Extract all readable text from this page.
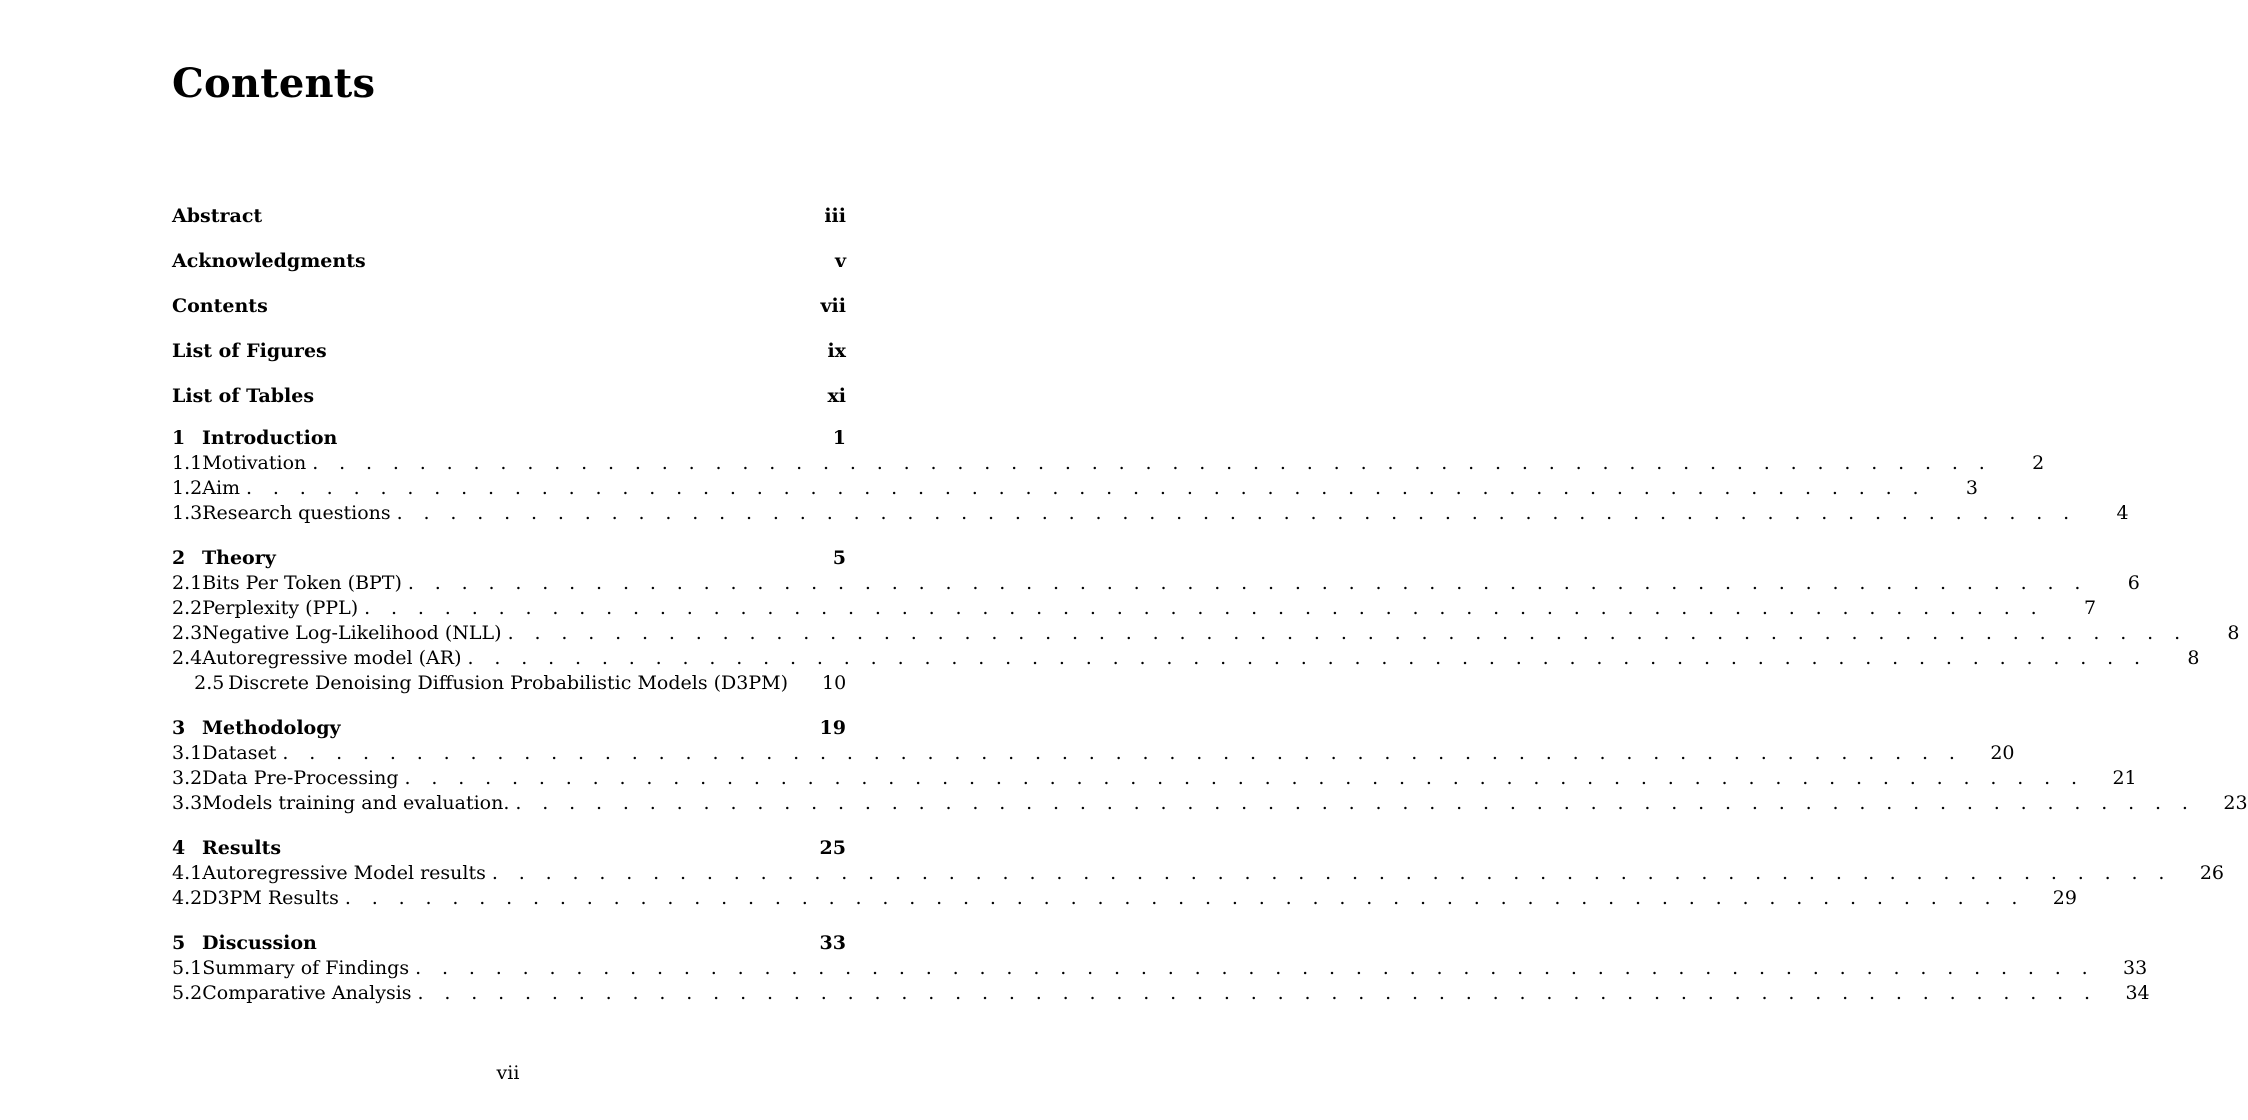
Contents
Abstract	iii
Acknowledgments	v
Contents	vii
List of Figures	ix
List of Tables	xi
1 Introduction	1
1.1 Motivation . . . . . . . . . . . . . . . . . . . . . . . . . . . . . . . . . . . . . . . . . . . . . . . . . . . . . . . . . . . . . . .	2
1.2 Aim . . . . . . . . . . . . . . . . . . . . . . . . . . . . . . . . . . . . . . . . . . . . . . . . . . . . . . . . . . . . . . .	3
1.3 Research questions . . . . . . . . . . . . . . . . . . . . . . . . . . . . . . . . . . . . . . . . . . . . . . . . . . . . . . . . . . . . . . .	4
2 Theory	5
2.1 Bits Per Token (BPT) . . . . . . . . . . . . . . . . . . . . . . . . . . . . . . . . . . . . . . . . . . . . . . . . . . . . . . . . . . . . . . .	6
2.2 Perplexity (PPL) . . . . . . . . . . . . . . . . . . . . . . . . . . . . . . . . . . . . . . . . . . . . . . . . . . . . . . . . . . . . . . .	7
2.3 Negative Log-Likelihood (NLL) . . . . . . . . . . . . . . . . . . . . . . . . . . . . . . . . . . . . . . . . . . . . . . . . . . . . . . . . . . . . . . .	8
2.4 Autoregressive model (AR) . . . . . . . . . . . . . . . . . . . . . . . . . . . . . . . . . . . . . . . . . . . . . . . . . . . . . . . . . . . . . . .	8
2.5 Discrete Denoising Diffusion Probabilistic Models (D3PM)	10
3 Methodology	19
3.1 Dataset . . . . . . . . . . . . . . . . . . . . . . . . . . . . . . . . . . . . . . . . . . . . . . . . . . . . . . . . . . . . . . . 20
3.2 Data Pre-Processing . . . . . . . . . . . . . . . . . . . . . . . . . . . . . . . . . . . . . . . . . . . . . . . . . . . . . . . . . . . . . . . 21
3.3 Models training and evaluation. . . . . . . . . . . . . . . . . . . . . . . . . . . . . . . . . . . . . . . . . . . . . . . . . . . . . . . . . . . . . . . . 23
4 Results	25
4.1 Autoregressive Model results . . . . . . . . . . . . . . . . . . . . . . . . . . . . . . . . . . . . . . . . . . . . . . . . . . . . . . . . . . . . . . . 26
4.2 D3PM Results . . . . . . . . . . . . . . . . . . . . . . . . . . . . . . . . . . . . . . . . . . . . . . . . . . . . . . . . . . . . . . . 29
5 Discussion	33
5.1 Summary of Findings . . . . . . . . . . . . . . . . . . . . . . . . . . . . . . . . . . . . . . . . . . . . . . . . . . . . . . . . . . . . . . . 33
5.2 Comparative Analysis . . . . . . . . . . . . . . . . . . . . . . . . . . . . . . . . . . . . . . . . . . . . . . . . . . . . . . . . . . . . . . . 34
vii
